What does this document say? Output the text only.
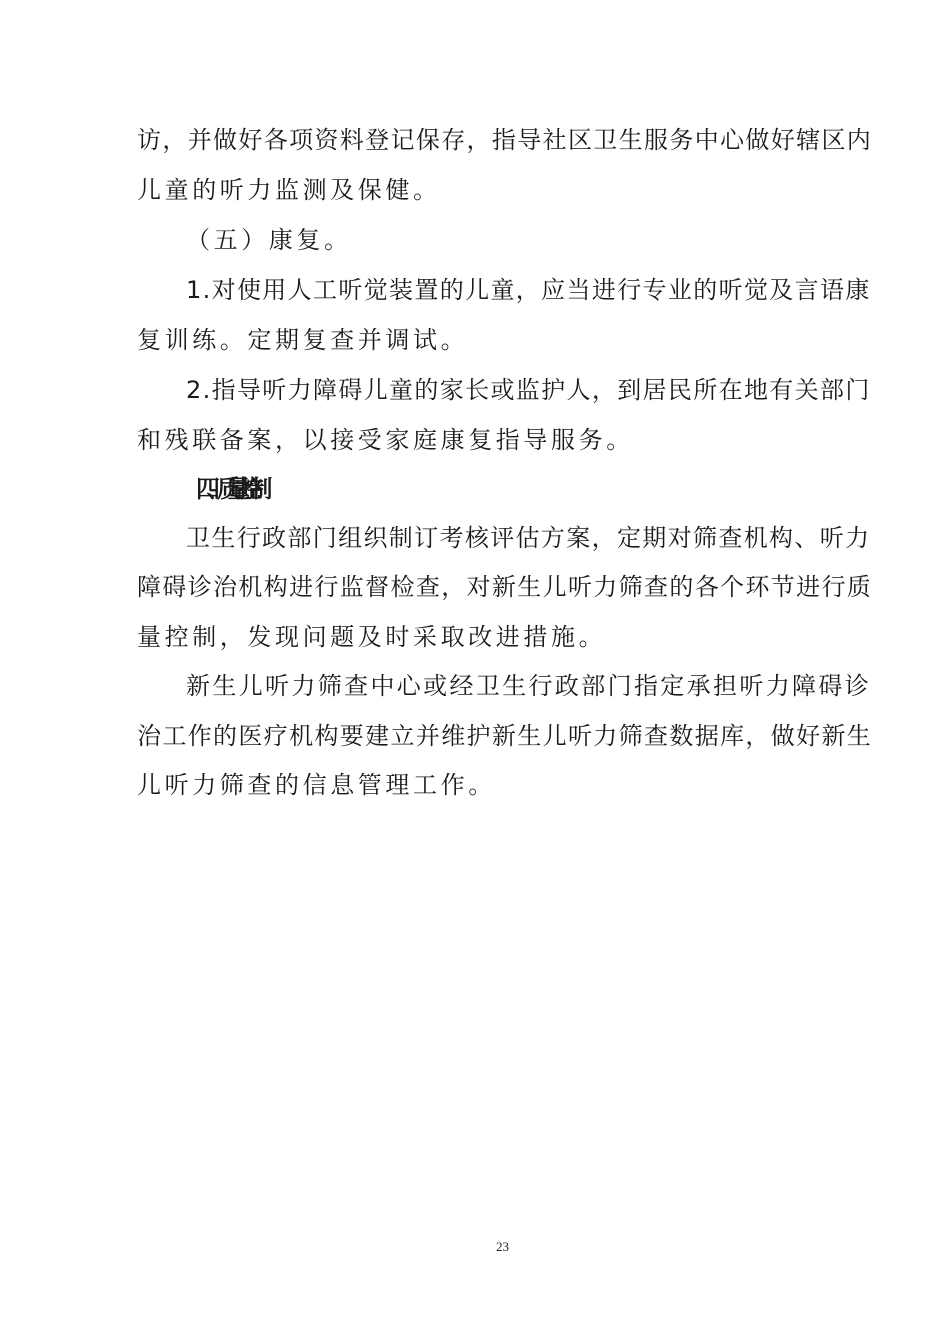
访，并做好各项资料登记保存，指导社区卫生服务中心做好辖区内
儿童的听力监测及保健。
（五）康复。
1.对使用人工听觉装置的儿童，应当进行专业的听觉及言语康
复训练。定期复查并调试。
2.指导听力障碍儿童的家长或监护人，到居民所在地有关部门
和残联备案，以接受家庭康复指导服务。
四、质量控制
卫生行政部门组织制订考核评估方案，定期对筛查机构、听力
障碍诊治机构进行监督检查，对新生儿听力筛查的各个环节进行质
量控制，发现问题及时采取改进措施。
新生儿听力筛查中心或经卫生行政部门指定承担听力障碍诊
治工作的医疗机构要建立并维护新生儿听力筛查数据库，做好新生
儿听力筛查的信息管理工作。
23
